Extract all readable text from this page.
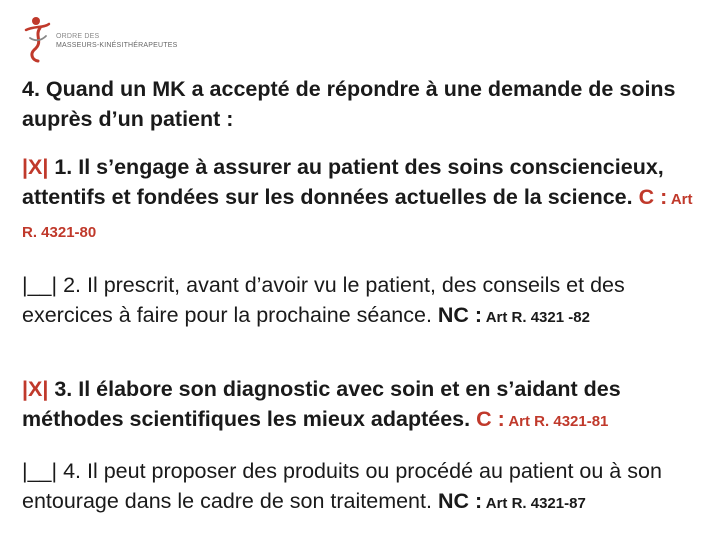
ORDRE DES
MASSEURS-KINÉSITHÉRAPEUTES
4. Quand un MK a accepté de répondre à une demande de soins auprès d’un patient :
|X| 1. Il s’engage à assurer au patient des soins consciencieux, attentifs et fondées sur les données actuelles de la science. C : Art R. 4321-80
|__| 2. Il prescrit, avant d’avoir vu le patient, des conseils et des exercices à faire pour la prochaine séance. NC : Art R. 4321 -82
|X| 3. Il élabore son diagnostic avec soin et en s’aidant des méthodes scientifiques les mieux adaptées. C : Art R. 4321-81
|__| 4. Il peut proposer des produits ou procédé au patient ou à son entourage dans le cadre de son traitement. NC : Art R. 4321-87
